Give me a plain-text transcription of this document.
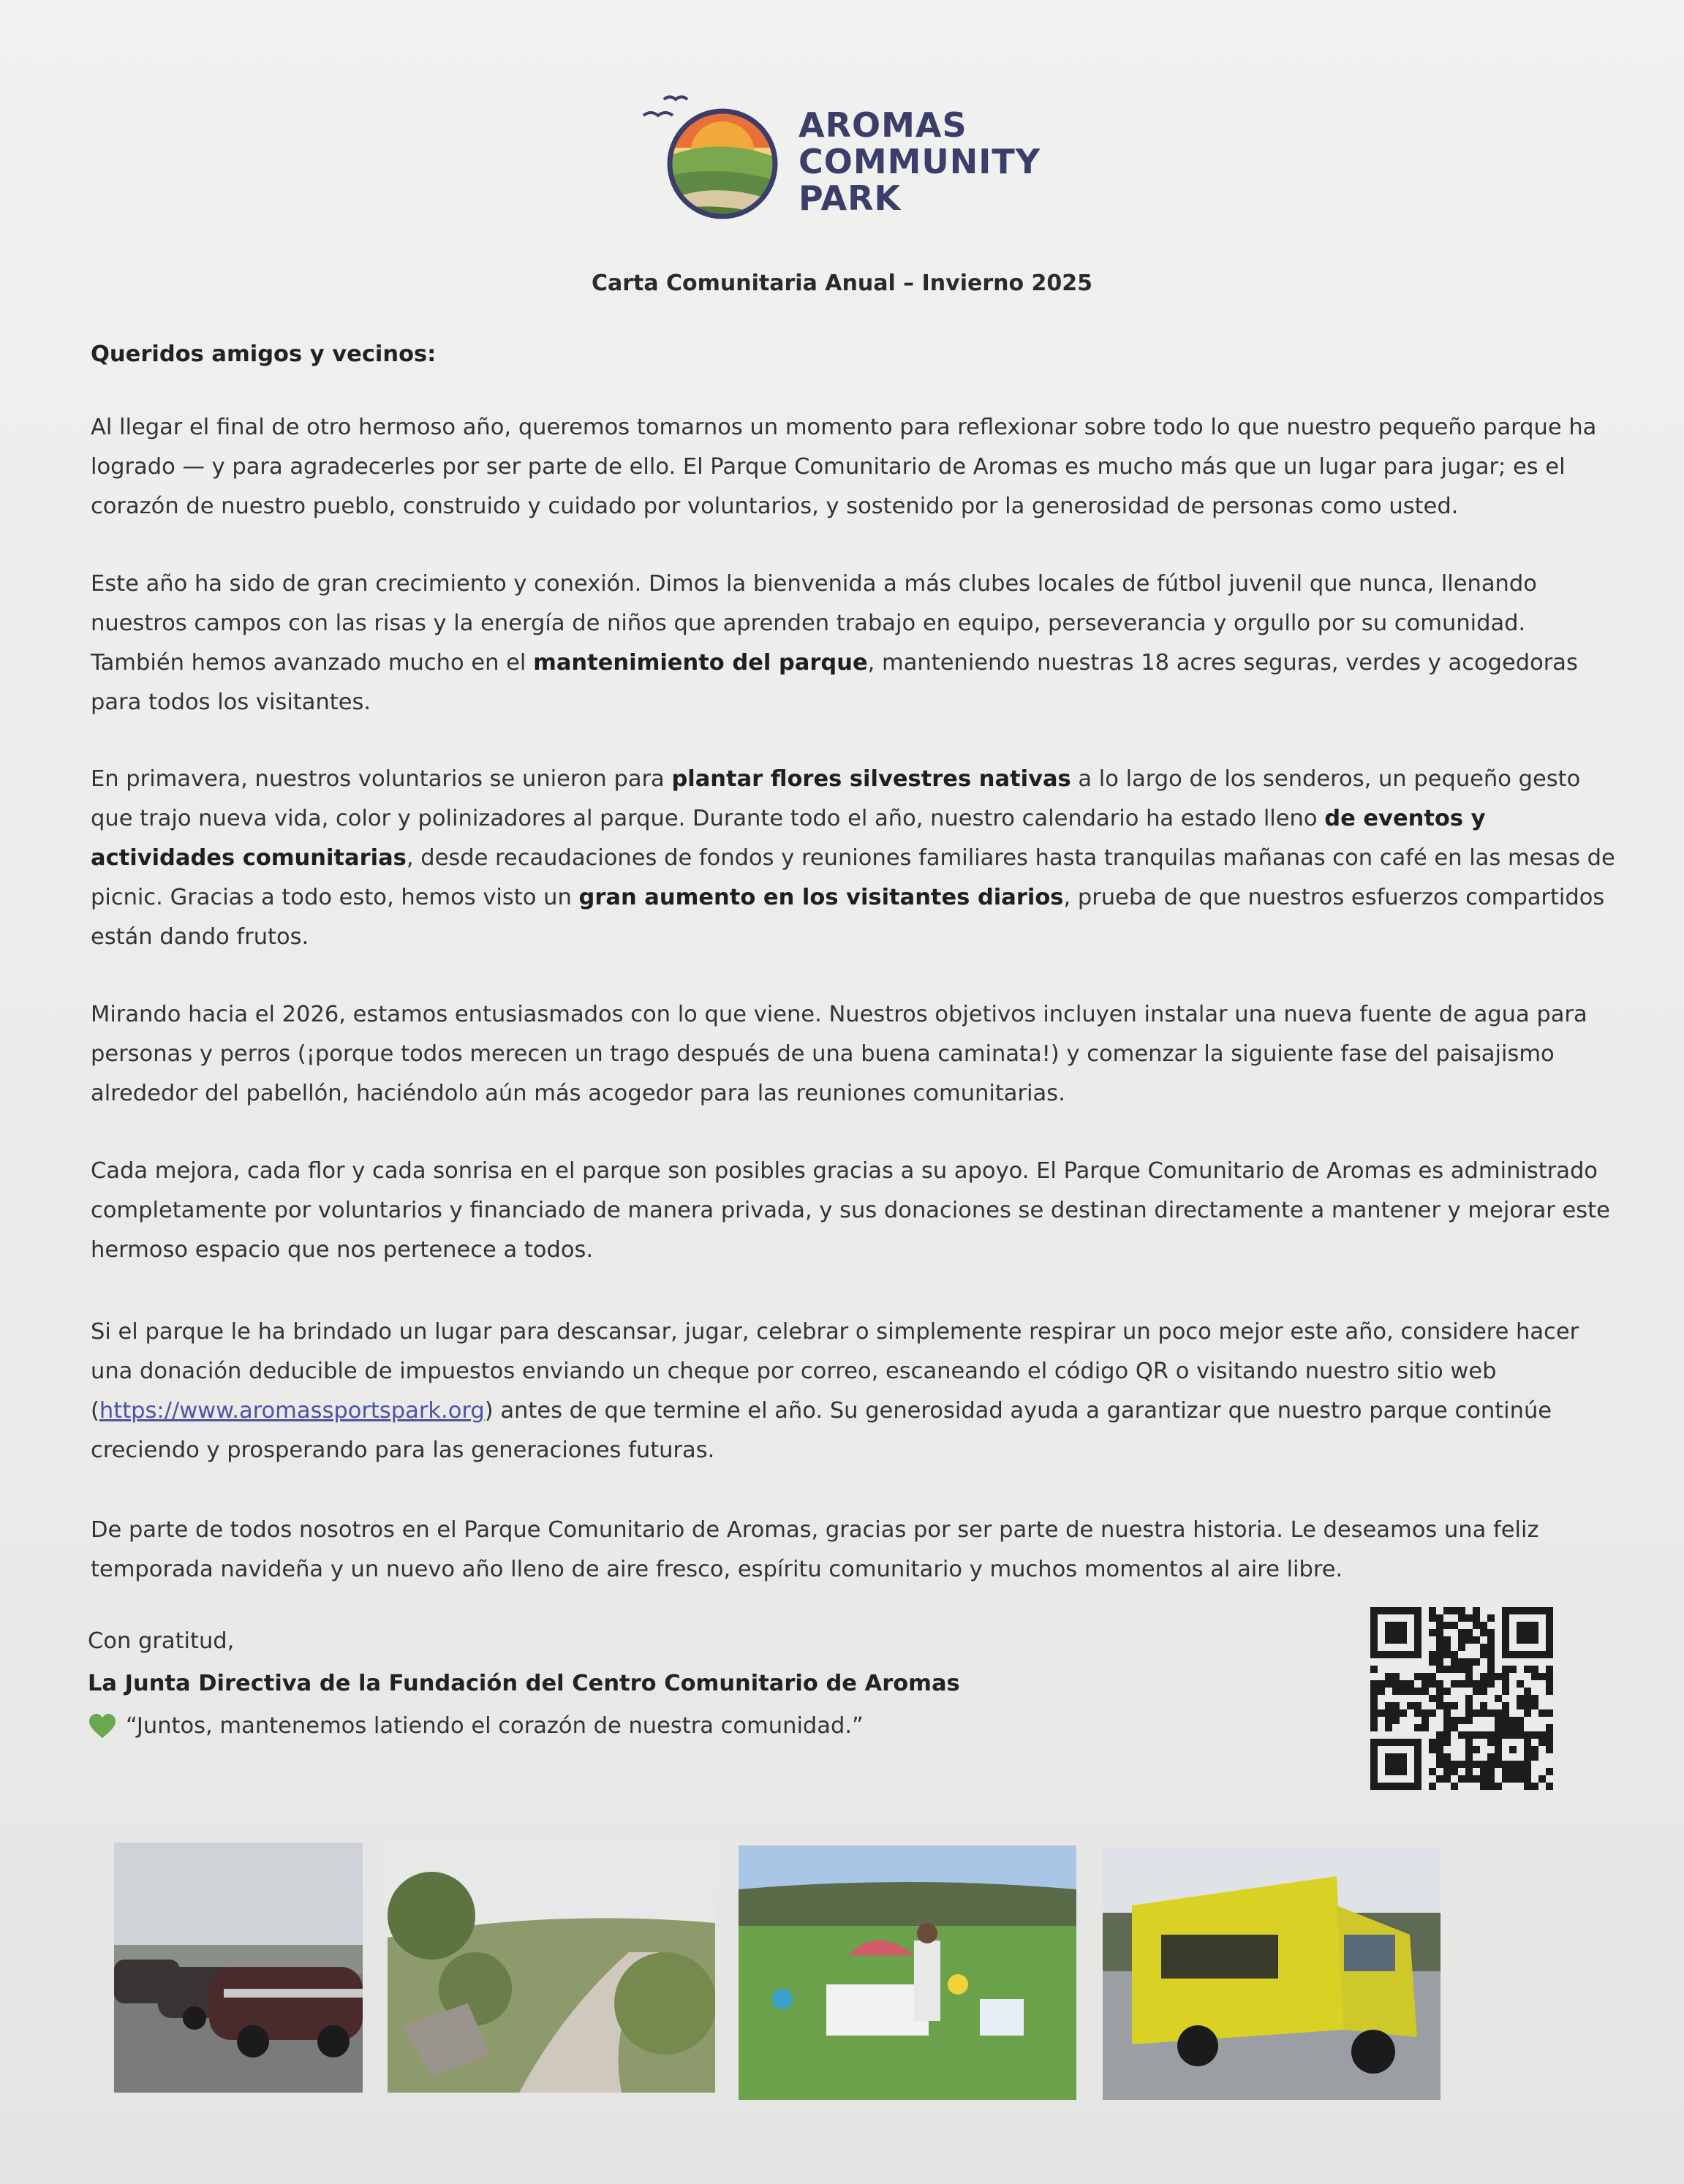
AROMAS
COMMUNITY
PARK
Carta Comunitaria Anual – Invierno 2025
Queridos amigos y vecinos:

Al llegar el final de otro hermoso año, queremos tomarnos un momento para reflexionar sobre todo lo que nuestro pequeño parque ha logrado — y para agradecerles por ser parte de ello. El Parque Comunitario de Aromas es mucho más que un lugar para jugar; es el corazón de nuestro pueblo, construido y cuidado por voluntarios, y sostenido por la generosidad de personas como usted.

Este año ha sido de gran crecimiento y conexión. Dimos la bienvenida a más clubes locales de fútbol juvenil que nunca, llenando nuestros campos con las risas y la energía de niños que aprenden trabajo en equipo, perseverancia y orgullo por su comunidad. También hemos avanzado mucho en el mantenimiento del parque, manteniendo nuestras 18 acres seguras, verdes y acogedoras para todos los visitantes.

En primavera, nuestros voluntarios se unieron para plantar flores silvestres nativas a lo largo de los senderos, un pequeño gesto que trajo nueva vida, color y polinizadores al parque. Durante todo el año, nuestro calendario ha estado lleno de eventos y actividades comunitarias, desde recaudaciones de fondos y reuniones familiares hasta tranquilas mañanas con café en las mesas de picnic. Gracias a todo esto, hemos visto un gran aumento en los visitantes diarios, prueba de que nuestros esfuerzos compartidos están dando frutos.

Mirando hacia el 2026, estamos entusiasmados con lo que viene. Nuestros objetivos incluyen instalar una nueva fuente de agua para personas y perros (¡porque todos merecen un trago después de una buena caminata!) y comenzar la siguiente fase del paisajismo alrededor del pabellón, haciéndolo aún más acogedor para las reuniones comunitarias.

Cada mejora, cada flor y cada sonrisa en el parque son posibles gracias a su apoyo. El Parque Comunitario de Aromas es administrado completamente por voluntarios y financiado de manera privada, y sus donaciones se destinan directamente a mantener y mejorar este hermoso espacio que nos pertenece a todos.

Si el parque le ha brindado un lugar para descansar, jugar, celebrar o simplemente respirar un poco mejor este año, considere hacer una donación deducible de impuestos enviando un cheque por correo, escaneando el código QR o visitando nuestro sitio web (https://www.aromassportspark.org) antes de que termine el año. Su generosidad ayuda a garantizar que nuestro parque continúe creciendo y prosperando para las generaciones futuras.

De parte de todos nosotros en el Parque Comunitario de Aromas, gracias por ser parte de nuestra historia. Le deseamos una feliz temporada navideña y un nuevo año lleno de aire fresco, espíritu comunitario y muchos momentos al aire libre.

Con gratitud,
La Junta Directiva de la Fundación del Centro Comunitario de Aromas
“Juntos, mantenemos latiendo el corazón de nuestra comunidad.”
